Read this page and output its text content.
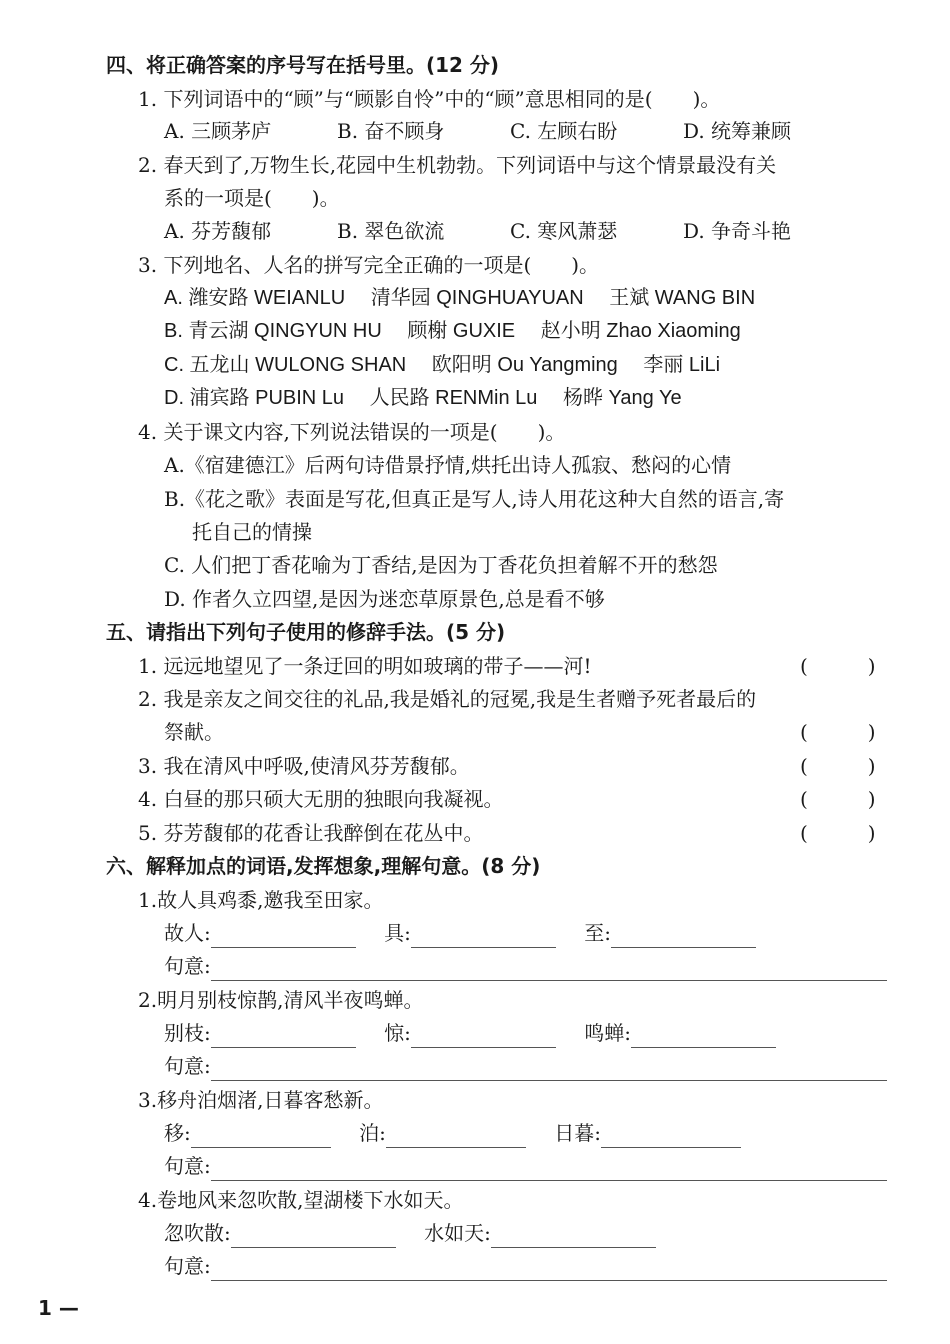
四、将正确答案的序号写在括号里。(12 分)
1. 下列词语中的“顾”与“顾影自怜”中的“顾”意思相同的是(　　)。
A. 三顾茅庐	B. 奋不顾身	C. 左顾右盼	D. 统筹兼顾
2. 春天到了,万物生长,花园中生机勃勃。下列词语中与这个情景最没有关
系的一项是(　　)。
A. 芬芳馥郁	B. 翠色欲流	C. 寒风萧瑟	D. 争奇斗艳
3. 下列地名、人名的拼写完全正确的一项是(　　)。
A. 潍安路 WEIANLU　 清华园 QINGHUAYUAN　 王斌 WANG BIN
B. 青云湖 QINGYUN HU　 顾榭 GUXIE　 赵小明 Zhao Xiaoming
C. 五龙山 WULONG SHAN　 欧阳明 Ou Yangming　 李丽 LiLi
D. 浦宾路 PUBIN Lu　 人民路 RENMin Lu　 杨晔 Yang Ye
4. 关于课文内容,下列说法错误的一项是(　　)。
A.《宿建德江》后两句诗借景抒情,烘托出诗人孤寂、愁闷的心情
B.《花之歌》表面是写花,但真正是写人,诗人用花这种大自然的语言,寄
托自己的情操
C. 人们把丁香花喻为丁香结,是因为丁香花负担着解不开的愁怨
D. 作者久立四望,是因为迷恋草原景色,总是看不够
五、请指出下列句子使用的修辞手法。(5 分)
1. 远远地望见了一条迂回的明如玻璃的带子——河!	(　　　)
2. 我是亲友之间交往的礼品,我是婚礼的冠冕,我是生者赠予死者最后的
祭献。	(　　　)
3. 我在清风中呼吸,使清风芬芳馥郁。	(　　　)
4. 白昼的那只硕大无朋的独眼向我凝视。	(　　　)
5. 芬芳馥郁的花香让我醉倒在花丛中。	(　　　)
六、解释加点的词语,发挥想象,理解句意。(8 分)
1.故人具鸡黍,邀我至田家。
故人:	具:	至:
句意:
2.明月别枝惊鹊,清风半夜鸣蝉。
别枝:	惊:	鸣蝉:
句意:
3.移舟泊烟渚,日暮客愁新。
移:	泊:	日暮:
句意:
4.卷地风来忽吹散,望湖楼下水如天。
忽吹散:	水如天:
句意:
1 —
